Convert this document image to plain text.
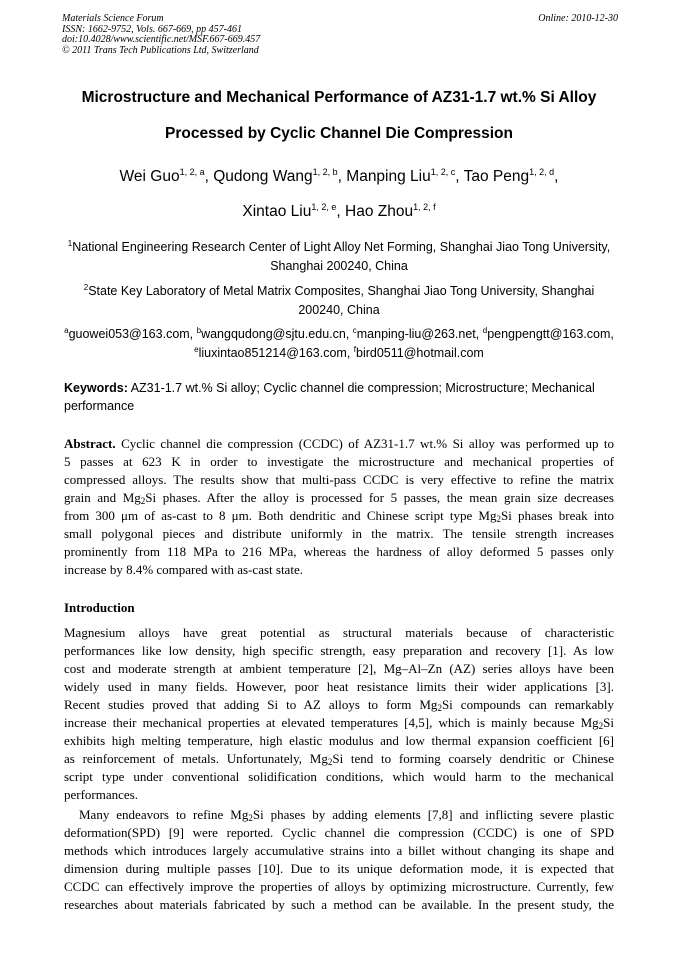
Materials Science Forum
ISSN: 1662-9752, Vols. 667-669, pp 457-461
doi:10.4028/www.scientific.net/MSF.667-669.457
© 2011 Trans Tech Publications Ltd, Switzerland
Online: 2010-12-30
Microstructure and Mechanical Performance of AZ31-1.7 wt.% Si Alloy
Processed by Cyclic Channel Die Compression
Wei Guo$^{1, 2, a}$, Qudong Wang$^{1, 2, b}$, Manping Liu$^{1, 2, c}$, Tao Peng$^{1, 2, d}$,
Xintao Liu$^{1, 2, e}$, Hao Zhou$^{1, 2, f}$
$^1$National Engineering Research Center of Light Alloy Net Forming, Shanghai Jiao Tong University,
Shanghai 200240, China
$^2$State Key Laboratory of Metal Matrix Composites, Shanghai Jiao Tong University, Shanghai
200240, China
$^a$guowei053@163.com, $^b$wangqudong@sjtu.edu.cn, $^c$manping-liu@263.net, $^d$pengpengtt@163.com,
$^e$liuxintao851214@163.com, $^f$bird0511@hotmail.com
Keywords: AZ31-1.7 wt.% Si alloy; Cyclic channel die compression; Microstructure; Mechanical
performance
Abstract. Cyclic channel die compression (CCDC) of AZ31-1.7 wt.% Si alloy was performed up to
5 passes at 623 K in order to investigate the microstructure and mechanical properties of
compressed alloys. The results show that multi-pass CCDC is very effective to refine the matrix
grain and $Mg_2Si$ phases. After the alloy is processed for 5 passes, the mean grain size decreases
from 300 μm of as-cast to 8 μm. Both dendritic and Chinese script type $Mg_2Si$ phases break into
small polygonal pieces and distribute uniformly in the matrix. The tensile strength increases
prominently from 118 MPa to 216 MPa, whereas the hardness of alloy deformed 5 passes only
increase by 8.4% compared with as-cast state.
Introduction
Magnesium alloys have great potential as structural materials because of characteristic
performances like low density, high specific strength, easy preparation and recovery [1]. As low
cost and moderate strength at ambient temperature [2], Mg–Al–Zn (AZ) series alloys have been
widely used in many fields. However, poor heat resistance limits their wider applications [3].
Recent studies proved that adding Si to AZ alloys to form $Mg_2Si$ compounds can remarkably
increase their mechanical properties at elevated temperatures [4,5], which is mainly because $Mg_2Si$
exhibits high melting temperature, high elastic modulus and low thermal expansion coefficient [6]
as reinforcement of metals. Unfortunately, $Mg_2Si$ tend to forming coarsely dendritic or Chinese
script type under conventional solidification conditions, which would harm to the mechanical
performances.
Many endeavors to refine $Mg_2Si$ phases by adding elements [7,8] and inflicting severe plastic
deformation(SPD) [9] were reported. Cyclic channel die compression (CCDC) is one of SPD
methods which introduces largely accumulative strains into a billet without changing its shape and
dimension during multiple passes [10]. Due to its unique deformation mode, it is expected that
CCDC can effectively improve the properties of alloys by optimizing microstructure. Currently, few
researches about materials fabricated by such a method can be available. In the present study, the
